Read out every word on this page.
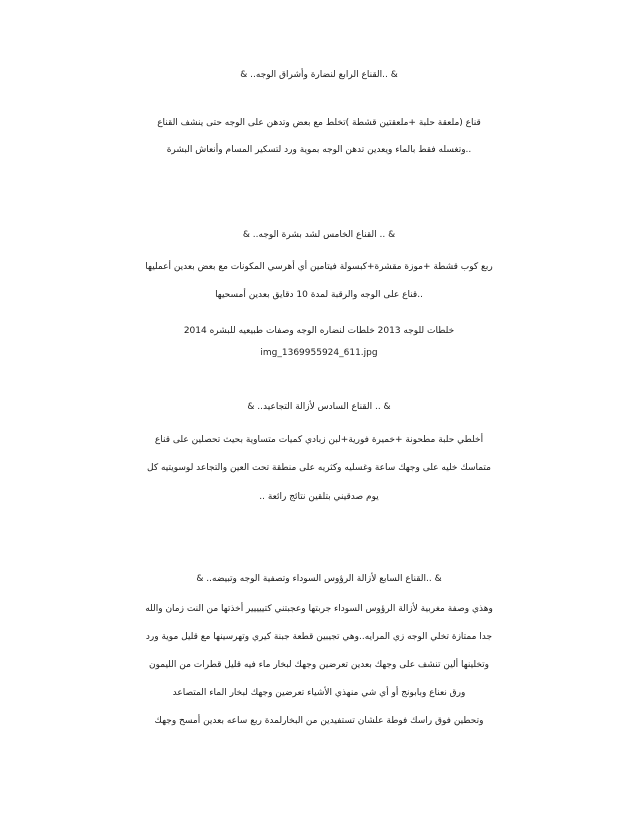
& ..القناع الرابع لنضارة وأشراق الوجه.. &
قناع (ملعقة حلبة +ملعقتين قشطة )تخلط مع بعض وتدهن على الوجه حتى ينشف القناع
..وتغسله فقط بالماء ويعدين تدهن الوجه بموية ورد لتسكير المسام وأنعاش البشرة
& .. القناع الخامس لشد بشرة الوجه.. &
ربع كوب قشطة +موزة مقشرة+كبسولة فيتامين أي أهرسي المكونات مع بعض بعدين أعمليها
..قناع على الوجه والرقبة لمدة 10 دقايق بعدين أمسحيها
خلطات للوجه 2013 خلطات لنضاره الوجه وصفات طبيعيه للبشره 2014
img_1369955924_611.jpg
& .. القناع السادس لأزالة التجاعيد.. &
أخلطي حلبة مطحونة +خميرة فورية+لبن زبادي كميات متساوية بحيث تحصلين على قناع
متماسك خليه على وجهك ساعة وغسليه وكثريه على منطقة تحت العين والتجاعد لوسويتيه كل
يوم صدقيني بتلقين نتائج رائعة ..
& ..القناع السابع لأزالة الرؤوس السوداء وتصفية الوجه وتبيضه.. &
وهذي وصفة مغربية لأزالة الرؤوس السوداء جربتها وعجبتني كتييييير أخذتها من النت زمان والله
جدا ممتازة تخلي الوجه زي المرايه..وهي تجيبين قطعة جبنة كيري وتهرسينها مع قليل موية ورد
وتخلينها ألين تنشف على وجهك بعدين تعرضين وجهك لبخار ماء فيه قليل قطرات من الليمون
ورق نعناع وبابونج أو أي شي منهذي الأشياء تعرضين وجهك لبخار الماء المتصاعد
وتحطين فوق راسك فوطة علشان تستفيدين من البخارلمدة ربع ساعه بعدين أمسح وجهك
